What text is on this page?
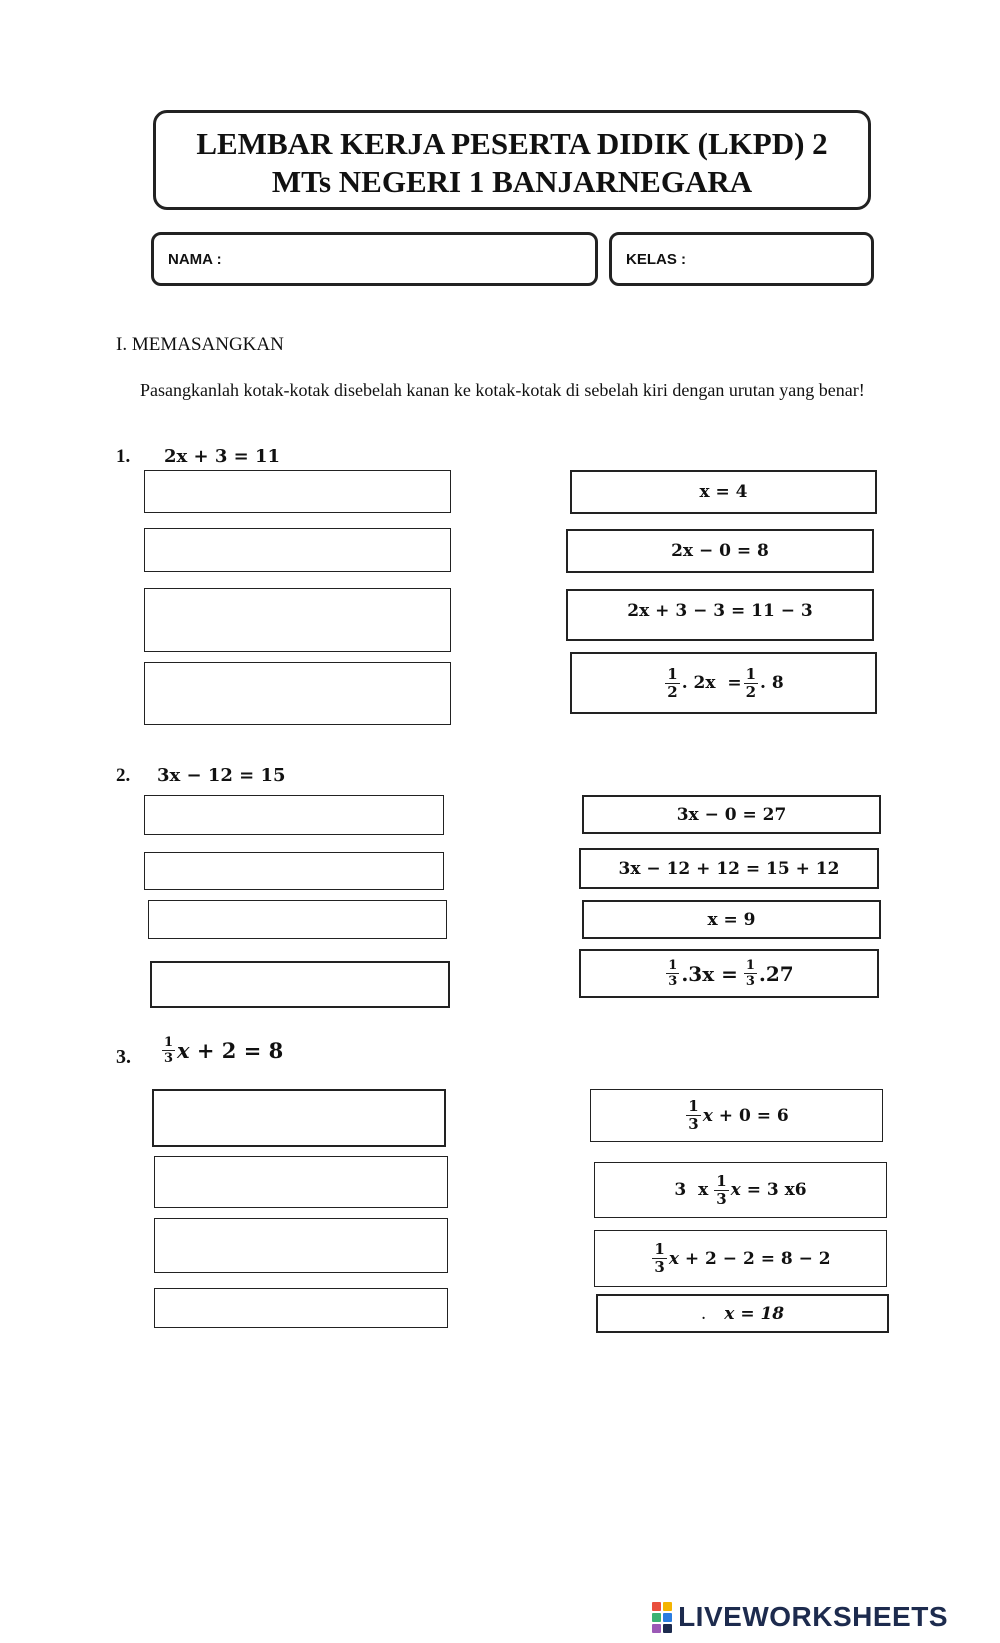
LEMBAR KERJA PESERTA DIDIK (LKPD) 2
MTs NEGERI 1 BANJARNEGARA
NAMA :	KELAS :
I. MEMASANGKAN
Pasangkanlah kotak-kotak disebelah kanan ke kotak-kotak di sebelah kiri dengan urutan yang benar!
1. 2x + 3 = 11
x = 4
2x − 0 = 8
2x + 3 − 3 = 11 − 3
$\frac{1}{2}$ . $2x = \frac{1}{2}$ . 8
2. 3x − 12 = 15
3x − 0 = 27
3x − 12 + 12 = 15 + 12
x = 9
$\frac{1}{3} .3x = \frac{1}{3} .27$
3. $\frac{1}{3}$ x + 2 = 8
$\frac{1}{3}$ x + 0 = 6
3  x $\frac{1}{3}$ x = 3 x6
$\frac{1}{3}$ x + 2 − 2 = 8 − 2
. x = 18
LIVEWORKSHEETS
